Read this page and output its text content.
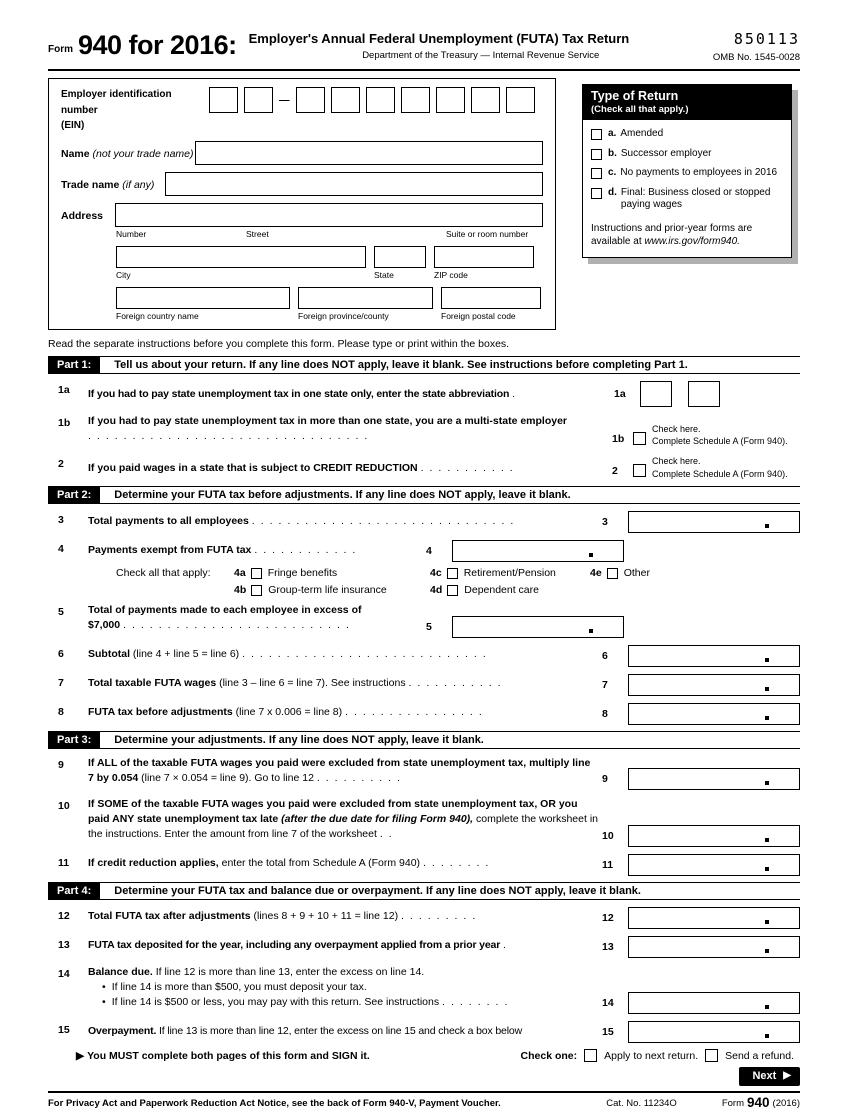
Form 940 for 2016: Employer's Annual Federal Unemployment (FUTA) Tax Return
Department of the Treasury — Internal Revenue Service
850113
OMB No. 1545-0028
Employer identification number
(EIN)
—
Name (not your trade name)
Trade name (if any)
Address
Number	Street	Suite or room number
City	State	ZIP code
Foreign country name	Foreign province/county	Foreign postal code
Type of Return
(Check all that apply.)
a. Amended
b. Successor employer
c. No payments to employees in 2016
d. Final: Business closed or stopped paying wages
Instructions and prior-year forms are available at www.irs.gov/form940.
Read the separate instructions before you complete this form. Please type or print within the boxes.
Part 1:	Tell us about your return. If any line does NOT apply, leave it blank. See instructions before completing Part 1.
1a	If you had to pay state unemployment tax in one state only, enter the state abbreviation .	1a
1b	If you had to pay state unemployment tax in more than one state, you are a multi-state employer ................................	1b
Check here.
Complete Schedule A (Form 940).
2	If you paid wages in a state that is subject to CREDIT REDUCTION ...........	2
Check here.
Complete Schedule A (Form 940).
Part 2:	Determine your FUTA tax before adjustments. If any line does NOT apply, leave it blank.
3	Total payments to all employees ..............................	3
4	Payments exempt from FUTA tax ............	4
Check all that apply:	4a Fringe benefits	4c Retirement/Pension	4e Other
4b Group-term life insurance	4d Dependent care
5	Total of payments made to each employee in excess of
$7,000 ..........................	5
6	Subtotal (line 4 + line 5 = line 6) ............................	6
7	Total taxable FUTA wages (line 3 – line 6 = line 7). See instructions ...........	7
8	FUTA tax before adjustments (line 7 x 0.006 = line 8) ................	8
Part 3:	Determine your adjustments. If any line does NOT apply, leave it blank.
9	If ALL of the taxable FUTA wages you paid were excluded from state unemployment tax, multiply line 7 by 0.054 (line 7 × 0.054 = line 9). Go to line 12 ..........	9
10	If SOME of the taxable FUTA wages you paid were excluded from state unemployment tax, OR you paid ANY state unemployment tax late (after the due date for filing Form 940), complete the worksheet in the instructions. Enter the amount from line 7 of the worksheet ..	10
11	If credit reduction applies, enter the total from Schedule A (Form 940) ........	11
Part 4:	Determine your FUTA tax and balance due or overpayment. If any line does NOT apply, leave it blank.
12	Total FUTA tax after adjustments (lines 8 + 9 + 10 + 11 = line 12) .........	12
13	FUTA tax deposited for the year, including any overpayment applied from a prior year .	13
14	Balance due. If line 12 is more than line 13, enter the excess on line 14.
• If line 14 is more than $500, you must deposit your tax.
• If line 14 is $500 or less, you may pay with this return. See instructions ........	14
15	Overpayment. If line 13 is more than line 12, enter the excess on line 15 and check a box below	15
▶ You MUST complete both pages of this form and SIGN it.	Check one:	Apply to next return.	Send a refund.
Next ▶
For Privacy Act and Paperwork Reduction Act Notice, see the back of Form 940-V, Payment Voucher.	Cat. No. 11234O	Form 940 (2016)
